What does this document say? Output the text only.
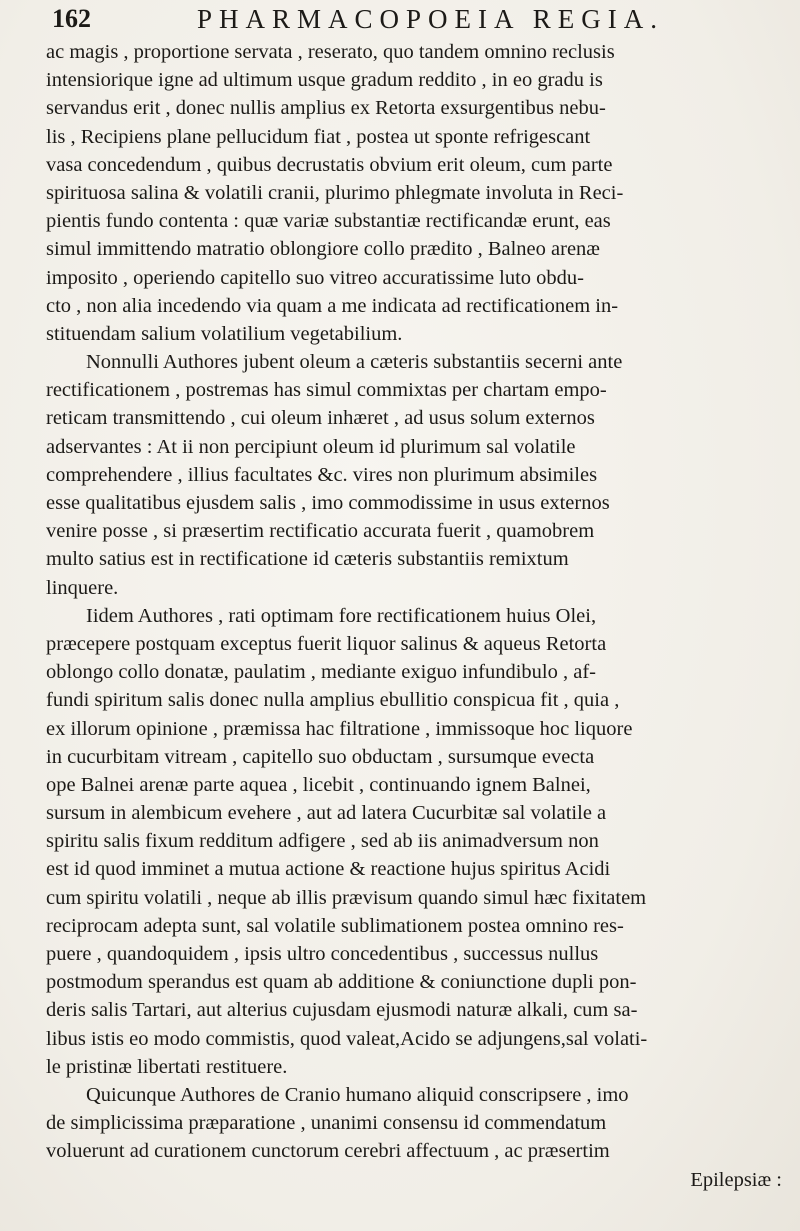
162	PHARMACOPOEIA REGIA.
ac magis , proportione servata , reserato, quo tandem omnino reclusis
intensiorique igne ad ultimum usque gradum reddito , in eo gradu is
servandus erit , donec nullis amplius ex Retorta exsurgentibus nebu-
lis , Recipiens plane pellucidum fiat , postea ut sponte refrigescant
vasa concedendum , quibus decrustatis obvium erit oleum, cum parte
spirituosa salina & volatili cranii, plurimo phlegmate involuta in Reci-
pientis fundo contenta : quæ variæ substantiæ rectificandæ erunt, eas
simul immittendo matratio oblongiore collo prædito , Balneo arenæ
imposito , operiendo capitello suo vitreo accuratissime luto obdu-
cto , non alia incedendo via quam a me indicata ad rectificationem in-
stituendam salium volatilium vegetabilium.
Nonnulli Authores jubent oleum a cæteris substantiis secerni ante
rectificationem , postremas has simul commixtas per chartam empo-
reticam transmittendo , cui oleum inhæret , ad usus solum externos
adservantes : At ii non percipiunt oleum id plurimum sal volatile
comprehendere , illius facultates &c. vires non plurimum absimiles
esse qualitatibus ejusdem salis , imo commodissime in usus externos
venire posse , si præsertim rectificatio accurata fuerit , quamobrem
multo satius est in rectificatione id cæteris substantiis remixtum
linquere.
Iidem Authores , rati optimam fore rectificationem huius Olei,
præcepere postquam exceptus fuerit liquor salinus & aqueus Retorta
oblongo collo donatæ, paulatim , mediante exiguo infundibulo , af-
fundi spiritum salis donec nulla amplius ebullitio conspicua fit , quia ,
ex illorum opinione , præmissa hac filtratione , immissoque hoc liquore
in cucurbitam vitream , capitello suo obductam , sursumque evecta
ope Balnei arenæ parte aquea , licebit , continuando ignem Balnei,
sursum in alembicum evehere , aut ad latera Cucurbitæ sal volatile a
spiritu salis fixum redditum adfigere , sed ab iis animadversum non
est id quod imminet a mutua actione & reactione hujus spiritus Acidi
cum spiritu volatili , neque ab illis prævisum quando simul hæc fixitatem
reciprocam adepta sunt, sal volatile sublimationem postea omnino res-
puere , quandoquidem , ipsis ultro concedentibus , successus nullus
postmodum sperandus est quam ab additione & coniunctione dupli pon-
deris salis Tartari, aut alterius cujusdam ejusmodi naturæ alkali, cum sa-
libus istis eo modo commistis, quod valeat,Acido se adjungens,sal volati-
le pristinæ libertati restituere.
Quicunque Authores de Cranio humano aliquid conscripsere , imo
de simplicissima præparatione , unanimi consensu id commendatum
voluerunt ad curationem cunctorum cerebri affectuum , ac præsertim
Epilepsiæ :
